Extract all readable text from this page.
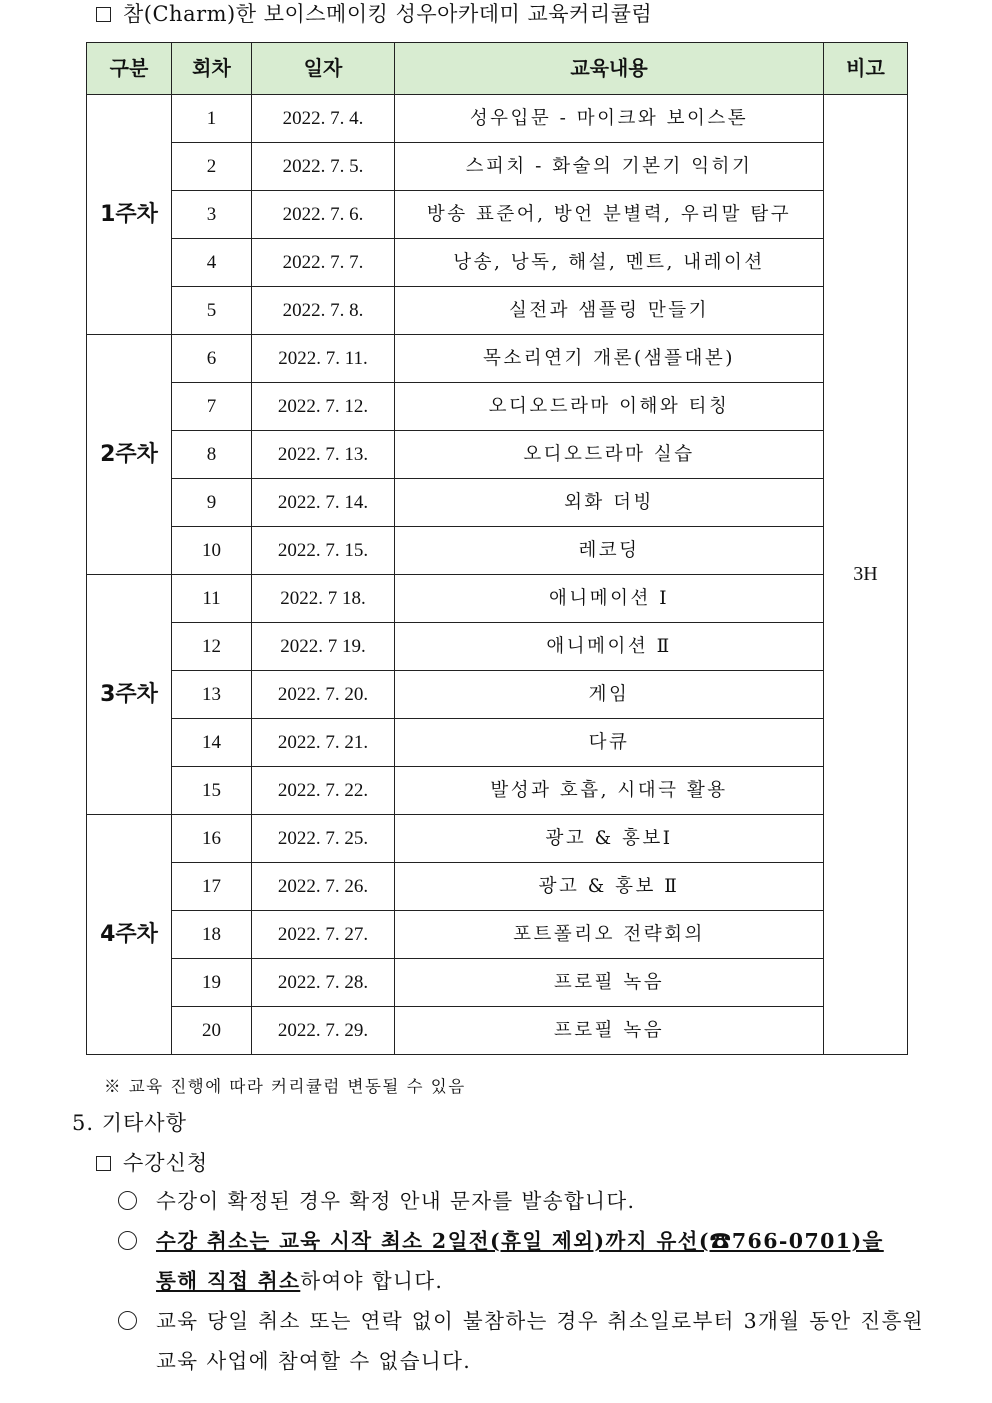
참(Charm)한 보이스메이킹 성우아카데미 교육커리큘럼
구분	회차	일자	교육내용	비고
1주차	1	2022. 7. 4.	성우입문 - 마이크와 보이스톤	3H
	2	2022. 7. 5.	스피치 - 화술의 기본기 익히기	
	3	2022. 7. 6.	방송 표준어, 방언 분별력, 우리말 탐구	
	4	2022. 7. 7.	낭송, 낭독, 해설, 멘트, 내레이션	
	5	2022. 7. 8.	실전과 샘플링 만들기	
2주차	6	2022. 7. 11.	목소리연기 개론(샘플대본)	
	7	2022. 7. 12.	오디오드라마 이해와 티칭	
	8	2022. 7. 13.	오디오드라마 실습	
	9	2022. 7. 14.	외화 더빙	
	10	2022. 7. 15.	레코딩	
3주차	11	2022. 7 18.	애니메이션 Ⅰ	
	12	2022. 7 19.	애니메이션 Ⅱ	
	13	2022. 7. 20.	게임	
	14	2022. 7. 21.	다큐	
	15	2022. 7. 22.	발성과 호흡, 시대극 활용	
4주차	16	2022. 7. 25.	광고 & 홍보Ⅰ	
	17	2022. 7. 26.	광고 & 홍보 Ⅱ	
	18	2022. 7. 27.	포트폴리오 전략회의	
	19	2022. 7. 28.	프로필 녹음	
	20	2022. 7. 29.	프로필 녹음	
※ 교육 진행에 따라 커리큘럼 변동될 수 있음
5. 기타사항
수강신청
수강이 확정된 경우 확정 안내 문자를 발송합니다.
수강 취소는 교육 시작 최소 2일전(휴일 제외)까지 유선(☎766-0701)을
통해 직접 취소하여야 합니다.
교육 당일 취소 또는 연락 없이 불참하는 경우 취소일로부터 3개월 동안 진흥원 교육 사업에 참여할 수 없습니다.
